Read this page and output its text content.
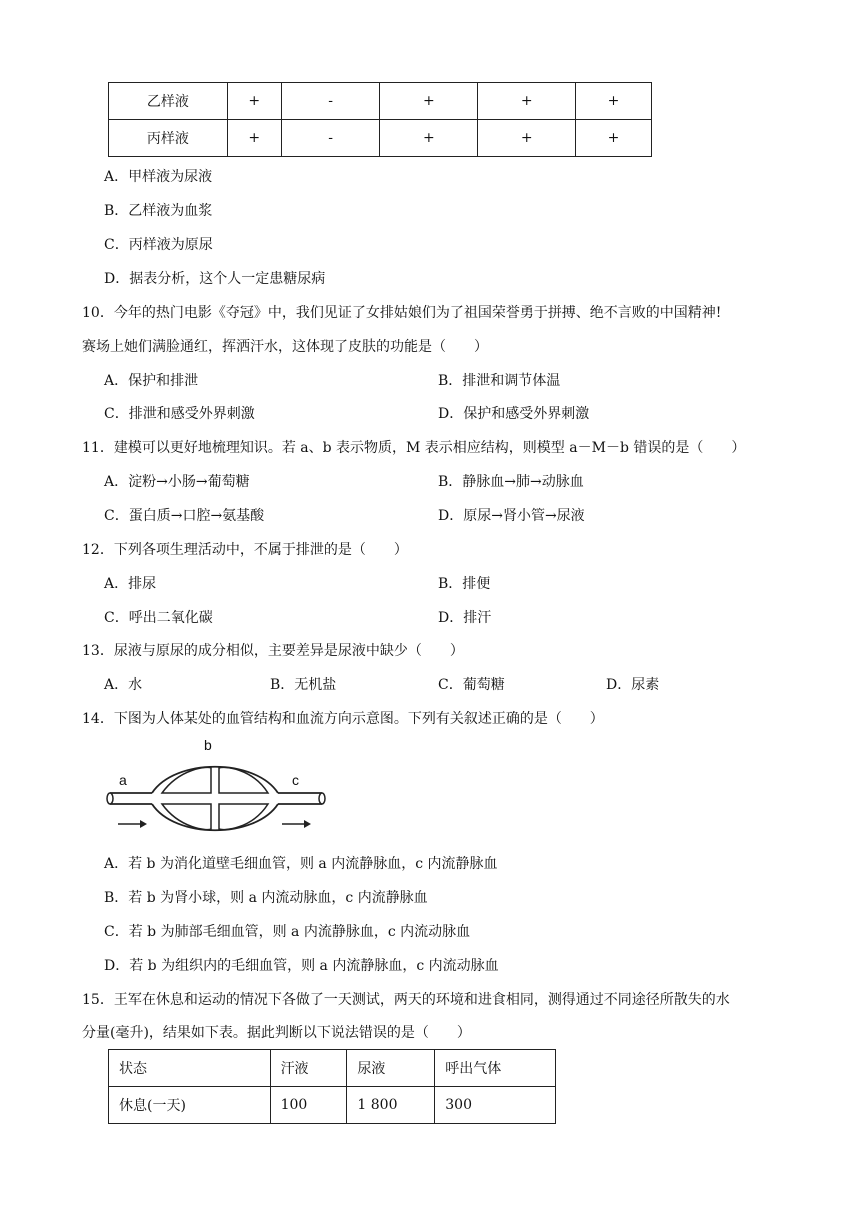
乙样液	+	-	+	+	+
丙样液	+	-	+	+	+
A．甲样液为尿液
B．乙样液为血浆
C．丙样液为原尿
D．据表分析，这个人一定患糖尿病
10．今年的热门电影《夺冠》中，我们见证了女排姑娘们为了祖国荣誉勇于拼搏、绝不言败的中国精神!
赛场上她们满脸通红，挥洒汗水，这体现了皮肤的功能是（　　）
A．保护和排泄	B．排泄和调节体温
C．排泄和感受外界刺激	D．保护和感受外界刺激
11．建模可以更好地梳理知识。若 a、b 表示物质，M 表示相应结构，则模型 a－M－b 错误的是（　　）
A．淀粉→小肠→葡萄糖	B．静脉血→肺→动脉血
C．蛋白质→口腔→氨基酸	D．原尿→肾小管→尿液
12．下列各项生理活动中，不属于排泄的是（　　）
A．排尿	B．排便
C．呼出二氧化碳	D．排汗
13．尿液与原尿的成分相似，主要差异是尿液中缺少（　　）
A．水	B．无机盐	C．葡萄糖	D．尿素
14．下图为人体某处的血管结构和血流方向示意图。下列有关叙述正确的是（　　）
a
b
c
A．若 b 为消化道壁毛细血管，则 a 内流静脉血，c 内流静脉血
B．若 b 为肾小球，则 a 内流动脉血，c 内流静脉血
C．若 b 为肺部毛细血管，则 a 内流静脉血，c 内流动脉血
D．若 b 为组织内的毛细血管，则 a 内流静脉血，c 内流动脉血
15．王军在休息和运动的情况下各做了一天测试，两天的环境和进食相同，测得通过不同途径所散失的水
分量(毫升)，结果如下表。据此判断以下说法错误的是（　　）
状态	汗液	尿液	呼出气体
休息(一天)	100	1 800	300
